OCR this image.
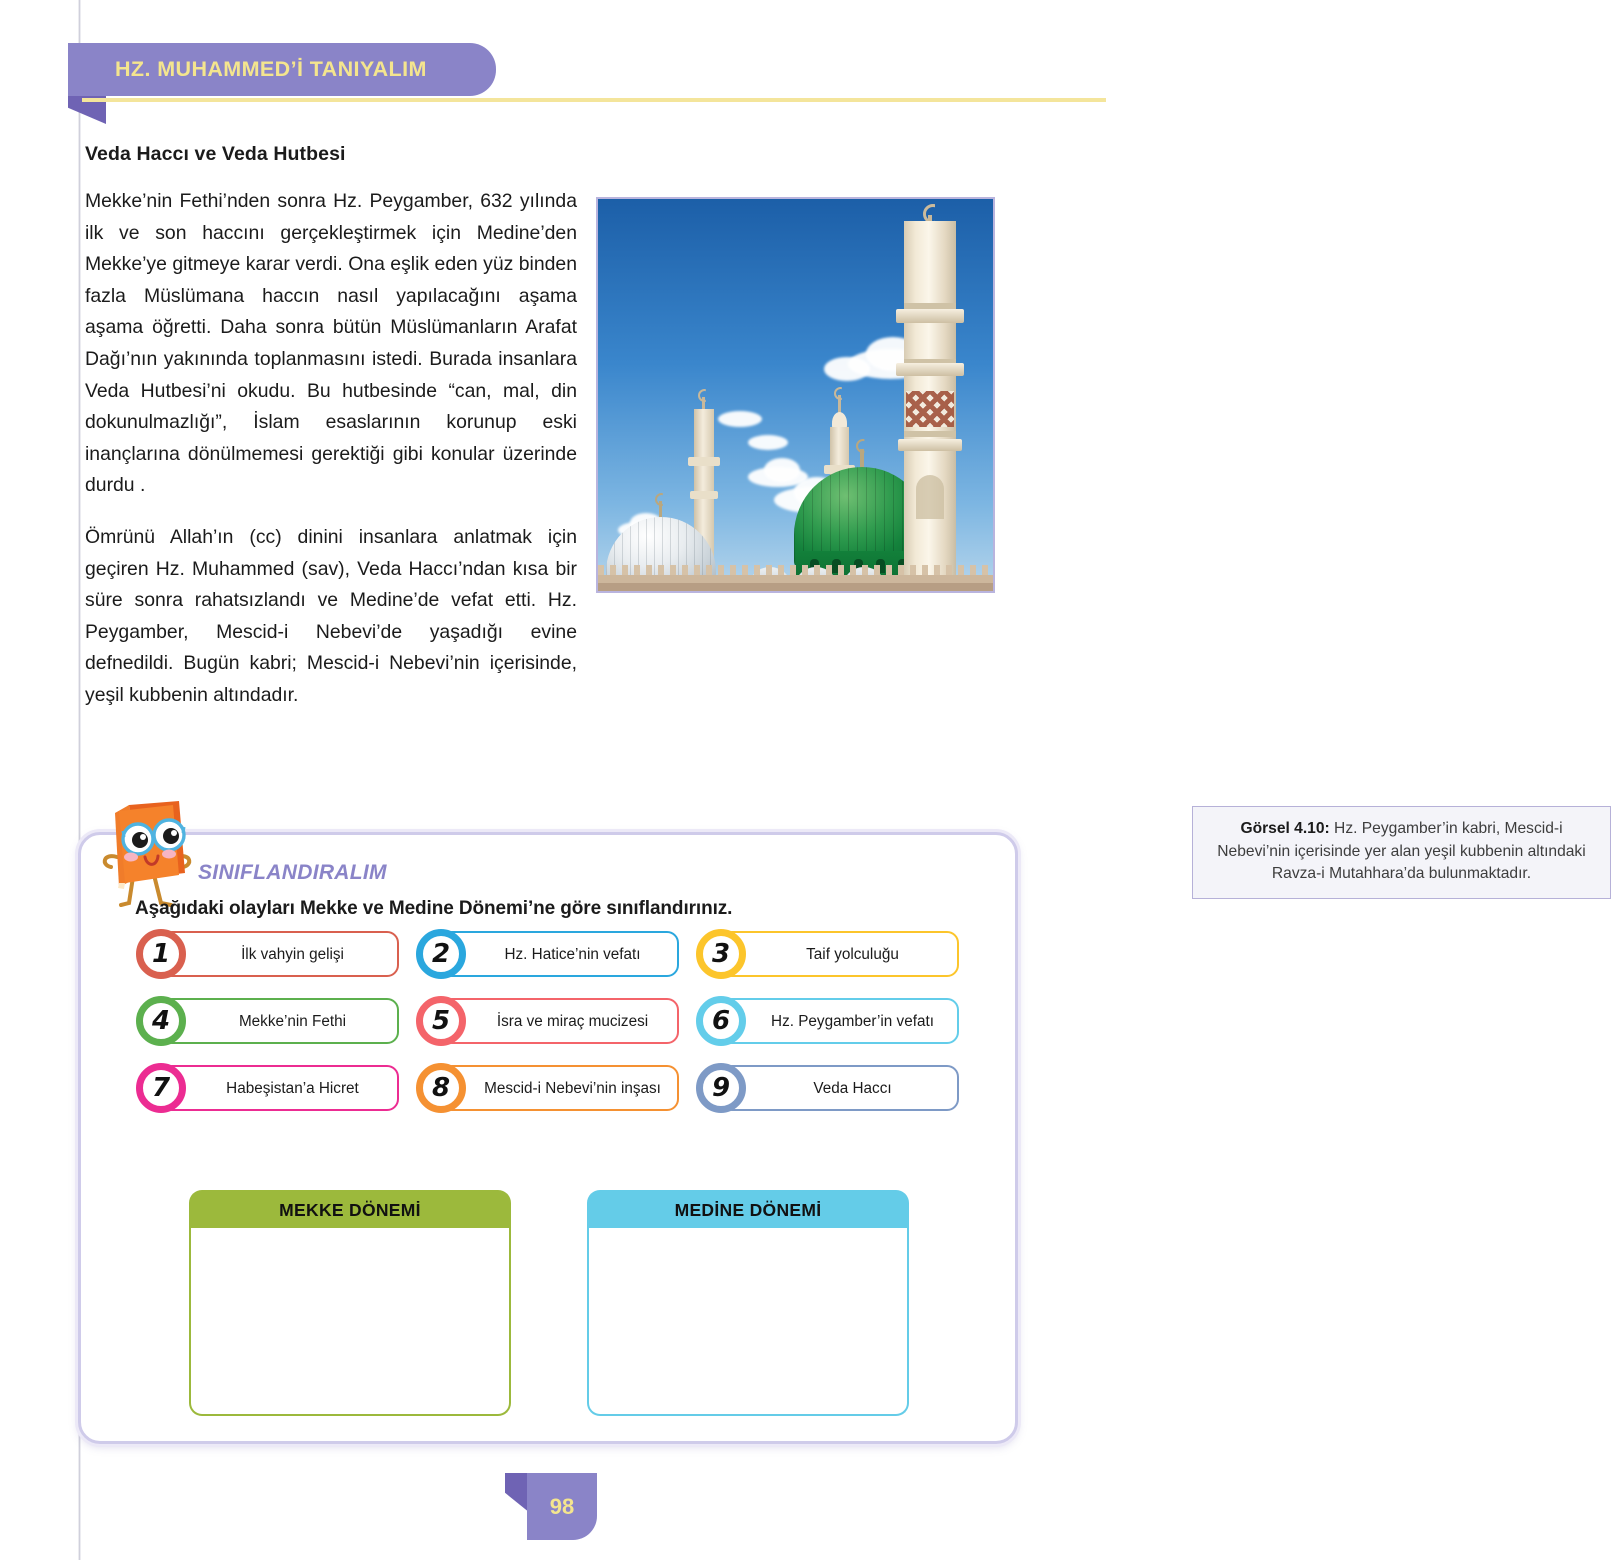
HZ. MUHAMMED’İ TANIYALIM
Veda Haccı ve Veda Hutbesi

Mekke’nin Fethi’nden sonra Hz. Peygamber, 632 yılında ilk ve son haccını gerçekleştirmek için Medine’den Mekke’ye gitmeye karar verdi. Ona eşlik eden yüz binden fazla Müslümana haccın nasıl yapılacağını aşama aşama öğretti. Daha sonra bütün Müslümanların Arafat Dağı’nın yakınında toplanmasını istedi. Burada insanlara Veda Hutbesi’ni okudu. Bu hutbesinde “can, mal, din dokunulmazlığı”, İslam esaslarının korunup eski inançlarına dönülmemesi gerektiği gibi konular üzerinde durdu .

Ömrünü Allah’ın (cc) dinini insanlara anlatmak için geçiren Hz. Muhammed (sav), Veda Haccı’ndan kısa bir süre sonra rahatsızlandı ve Medine’de vefat etti. Hz. Peygamber, Mescid-i Nebevi’de yaşadığı evine defnedildi. Bugün kabri; Mescid-i Nebevi’nin içerisinde, yeşil kubbenin altındadır.

Görsel 4.10: Hz. Peygamber’in kabri, Mescid-i Nebevi’nin içerisinde yer alan yeşil kubbenin altındaki Ravza-i Mutahhara’da bulunmaktadır.
SINIFLANDIRALIM
Aşağıdaki olayları Mekke ve Medine Dönemi’ne göre sınıflandırınız.
İlk vahyin gelişi
1	Hz. Hatice’nin vefatı
2	Taif yolculuğu
3
Mekke’nin Fethi
4	İsra ve miraç mucizesi
5	Hz. Peygamber’in vefatı
6
Habeşistan’a Hicret
7	Mescid-i Nebevi’nin inşası
8	Veda Haccı
9
MEKKE DÖNEMİ	MEDİNE DÖNEMİ
98
